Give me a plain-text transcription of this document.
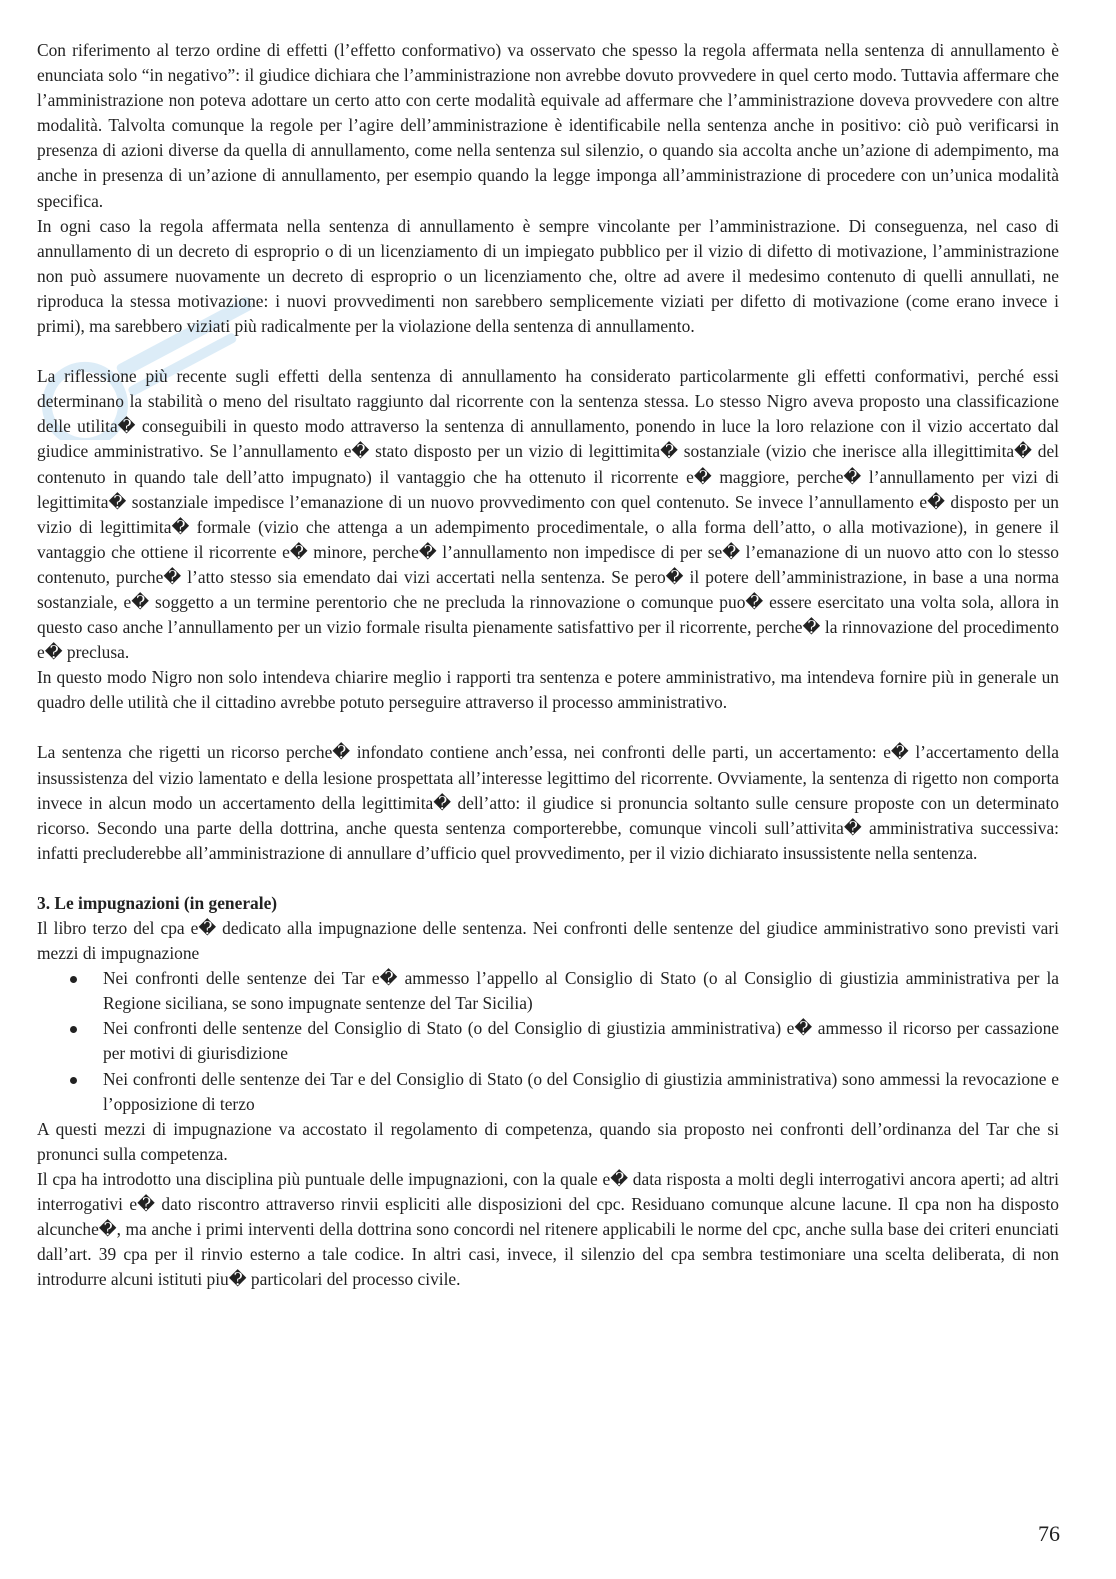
Con riferimento al terzo ordine di effetti (l’effetto conformativo) va osservato che spesso la regola affermata nella sentenza di annullamento è enunciata solo “in negativo”: il giudice dichiara che l’amministrazione non avrebbe dovuto provvedere in quel certo modo. Tuttavia affermare che l’amministrazione non poteva adottare un certo atto con certe modalità equivale ad affermare che l’amministrazione doveva provvedere con altre modalità. Talvolta comunque la regole per l’agire dell’amministrazione è identificabile nella sentenza anche in positivo: ciò può verificarsi in presenza di azioni diverse da quella di annullamento, come nella sentenza sul silenzio, o quando sia accolta anche un’azione di adempimento, ma anche in presenza di un’azione di annullamento, per esempio quando la legge imponga all’amministrazione di procedere con un’unica modalità specifica.

In ogni caso la regola affermata nella sentenza di annullamento è sempre vincolante per l’amministrazione. Di conseguenza, nel caso di annullamento di un decreto di esproprio o di un licenziamento di un impiegato pubblico per il vizio di difetto di motivazione, l’amministrazione non può assumere nuovamente un decreto di esproprio o un licenziamento che, oltre ad avere il medesimo contenuto di quelli annullati, ne riproduca la stessa motivazione: i nuovi provvedimenti non sarebbero semplicemente viziati per difetto di motivazione (come erano invece i primi), ma sarebbero viziati più radicalmente per la violazione della sentenza di annullamento.

La riflessione più recente sugli effetti della sentenza di annullamento ha considerato particolarmente gli effetti conformativi, perché essi determinano la stabilità o meno del risultato raggiunto dal ricorrente con la sentenza stessa. Lo stesso Nigro aveva proposto una classificazione delle utilita� conseguibili in questo modo attraverso la sentenza di annullamento, ponendo in luce la loro relazione con il vizio accertato dal giudice amministrativo. Se l’annullamento e� stato disposto per un vizio di legittimita� sostanziale (vizio che inerisce alla illegittimita� del contenuto in quando tale dell’atto impugnato) il vantaggio che ha ottenuto il ricorrente e� maggiore, perche� l’annullamento per vizi di legittimita� sostanziale impedisce l’emanazione di un nuovo provvedimento con quel contenuto. Se invece l’annullamento e� disposto per un vizio di legittimita� formale (vizio che attenga a un adempimento procedimentale, o alla forma dell’atto, o alla motivazione), in genere il vantaggio che ottiene il ricorrente e� minore, perche� l’annullamento non impedisce di per se� l’emanazione di un nuovo atto con lo stesso contenuto, purche� l’atto stesso sia emendato dai vizi accertati nella sentenza. Se pero� il potere dell’amministrazione, in base a una norma sostanziale, e� soggetto a un termine perentorio che ne precluda la rinnovazione o comunque puo� essere esercitato una volta sola, allora in questo caso anche l’annullamento per un vizio formale risulta pienamente satisfattivo per il ricorrente, perche� la rinnovazione del procedimento e� preclusa.

In questo modo Nigro non solo intendeva chiarire meglio i rapporti tra sentenza e potere amministrativo, ma intendeva fornire più in generale un quadro delle utilità che il cittadino avrebbe potuto perseguire attraverso il processo amministrativo.

La sentenza che rigetti un ricorso perche� infondato contiene anch’essa, nei confronti delle parti, un accertamento: e� l’accertamento della insussistenza del vizio lamentato e della lesione prospettata all’interesse legittimo del ricorrente. Ovviamente, la sentenza di rigetto non comporta invece in alcun modo un accertamento della legittimita� dell’atto: il giudice si pronuncia soltanto sulle censure proposte con un determinato ricorso. Secondo una parte della dottrina, anche questa sentenza comporterebbe, comunque vincoli sull’attivita� amministrativa successiva: infatti precluderebbe all’amministrazione di annullare d’ufficio quel provvedimento, per il vizio dichiarato insussistente nella sentenza.

3. Le impugnazioni (in generale)

Il libro terzo del cpa e� dedicato alla impugnazione delle sentenza. Nei confronti delle sentenze del giudice amministrativo sono previsti vari mezzi di impugnazione

Nei confronti delle sentenze dei Tar e� ammesso l’appello al Consiglio di Stato (o al Consiglio di giustizia amministrativa per la Regione siciliana, se sono impugnate sentenze del Tar Sicilia)
Nei confronti delle sentenze del Consiglio di Stato (o del Consiglio di giustizia amministrativa) e� ammesso il ricorso per cassazione per motivi di giurisdizione
Nei confronti delle sentenze dei Tar e del Consiglio di Stato (o del Consiglio di giustizia amministrativa) sono ammessi la revocazione e l’opposizione di terzo

A questi mezzi di impugnazione va accostato il regolamento di competenza, quando sia proposto nei confronti dell’ordinanza del Tar che si pronunci sulla competenza.

Il cpa ha introdotto una disciplina più puntuale delle impugnazioni, con la quale e� data risposta a molti degli interrogativi ancora aperti; ad altri interrogativi e� dato riscontro attraverso rinvii espliciti alle disposizioni del cpc. Residuano comunque alcune lacune. Il cpa non ha disposto alcunche�, ma anche i primi interventi della dottrina sono concordi nel ritenere applicabili le norme del cpc, anche sulla base dei criteri enunciati dall’art. 39 cpa per il rinvio esterno a tale codice. In altri casi, invece, il silenzio del cpa sembra testimoniare una scelta deliberata, di non introdurre alcuni istituti piu� particolari del processo civile.

76
